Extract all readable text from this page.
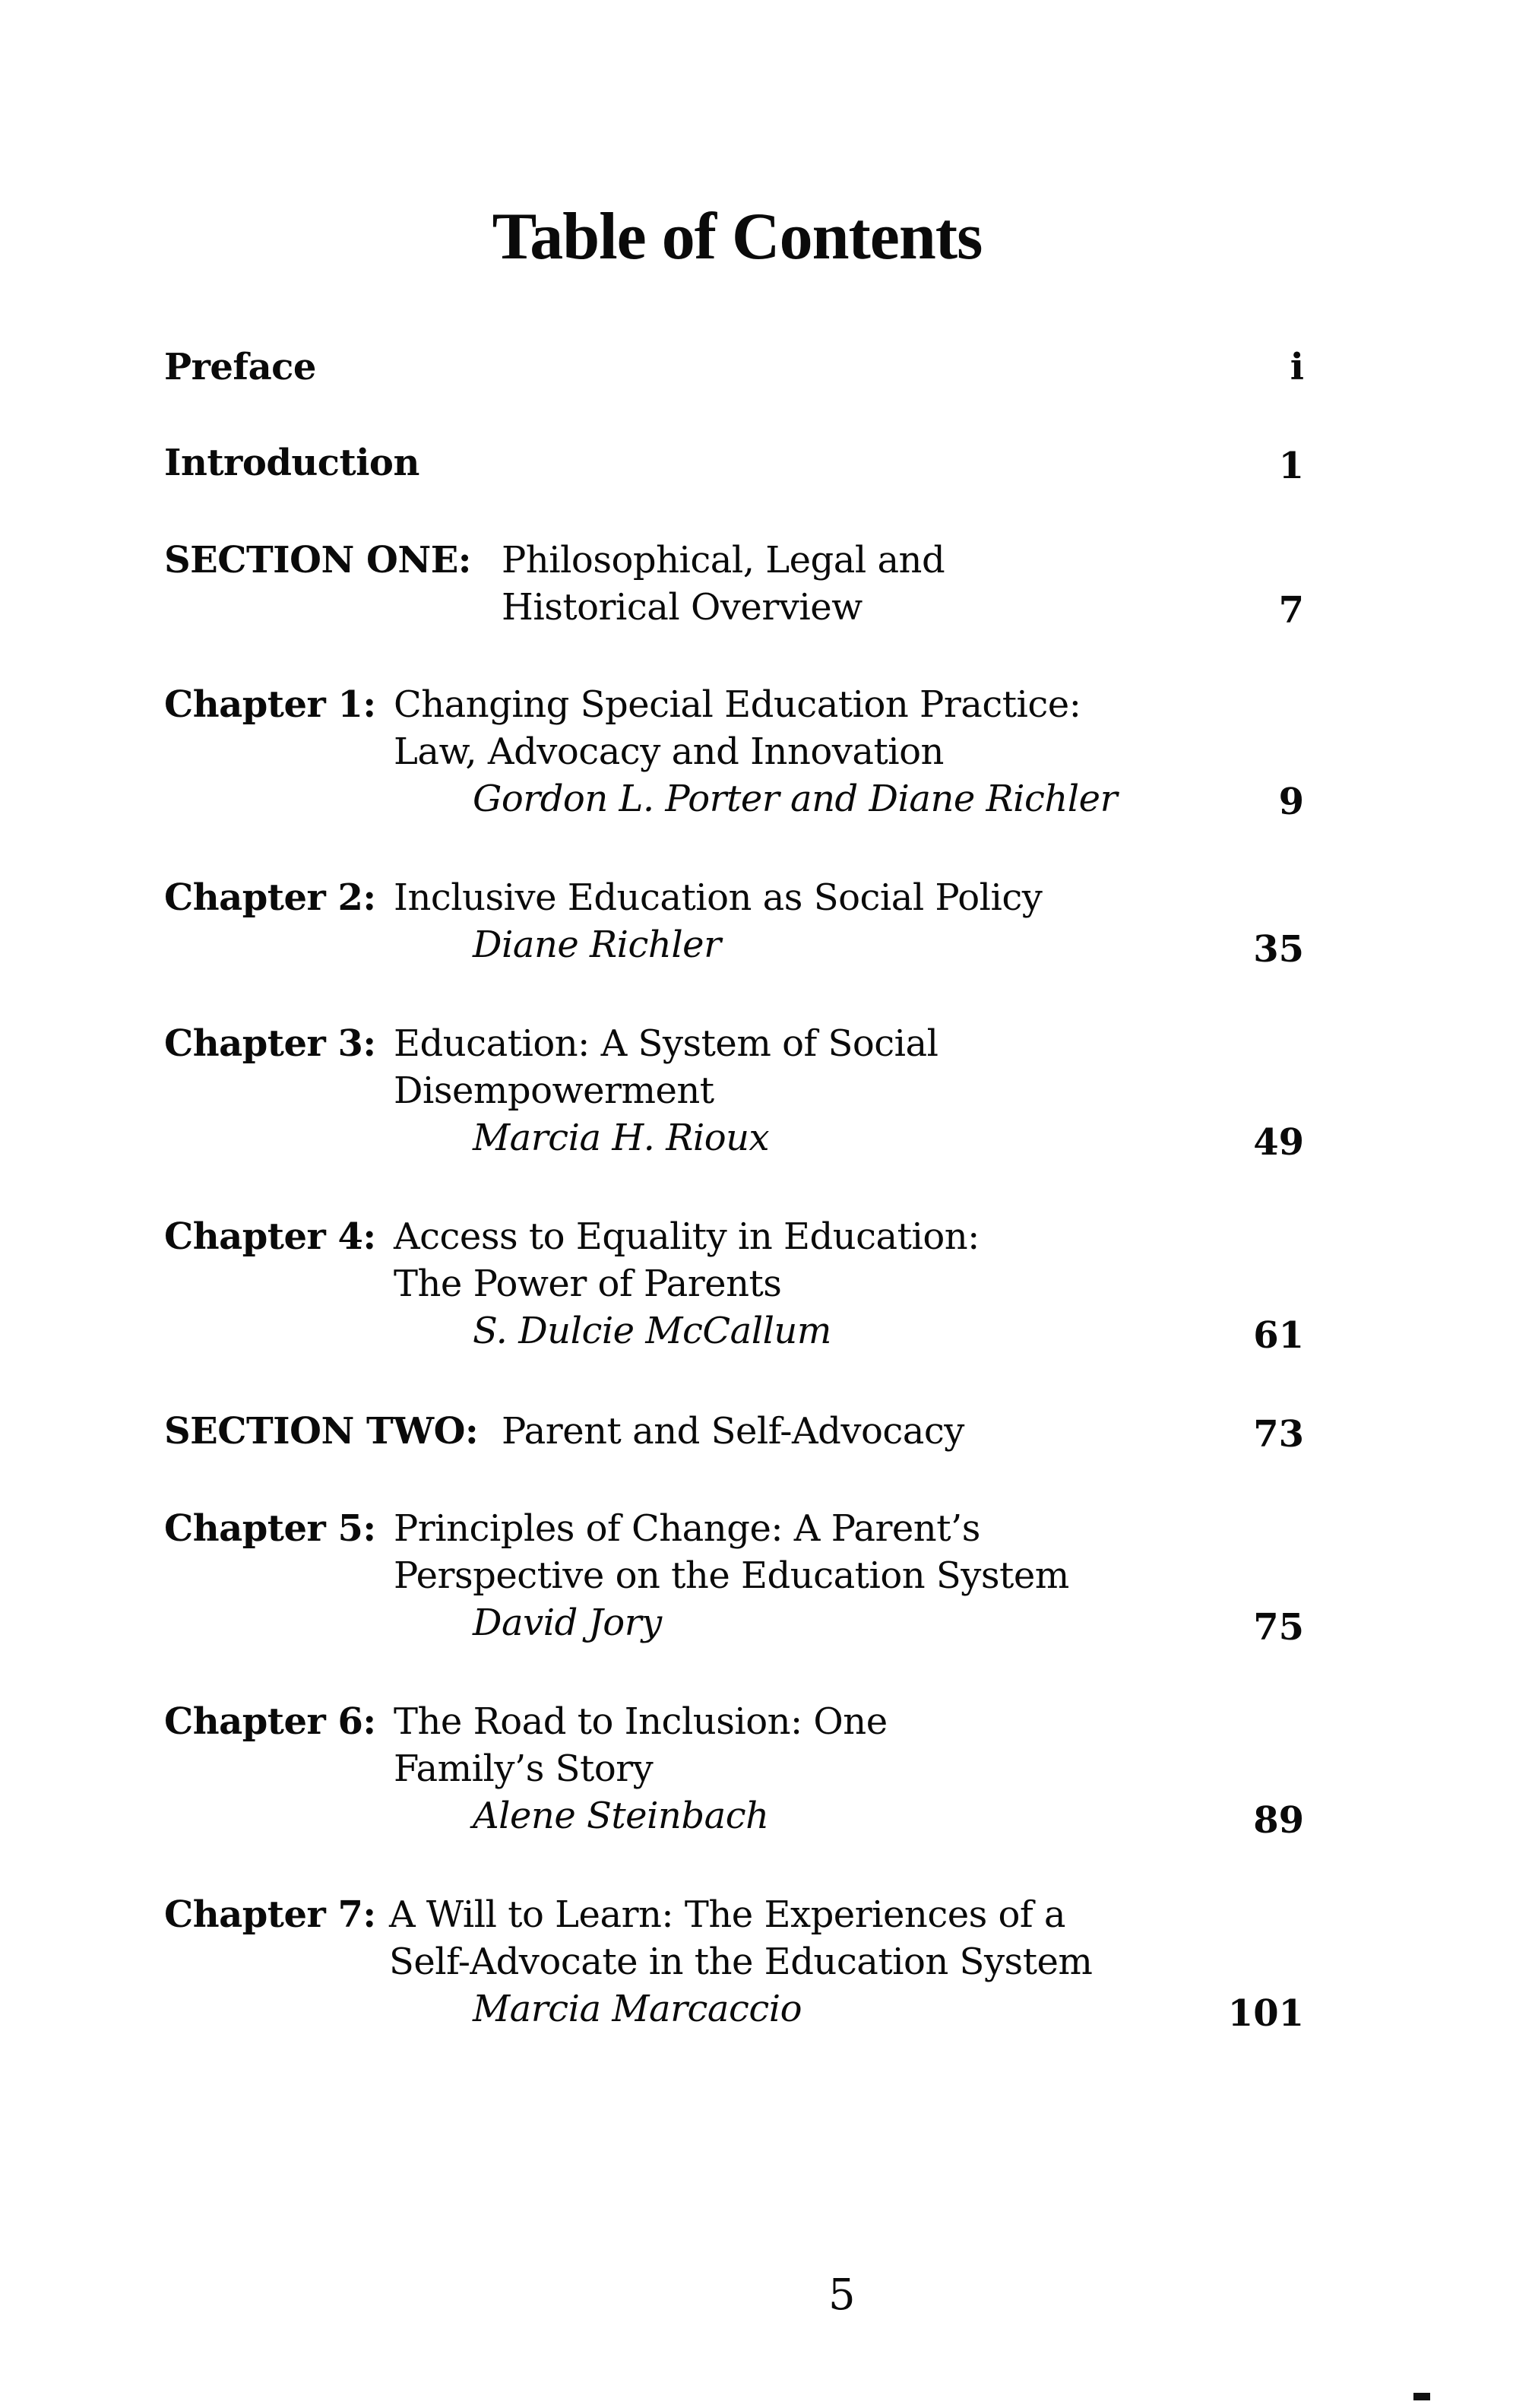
Table of Contents
Preface	i
Introduction	1
SECTION ONE: Philosophical, Legal and
Historical Overview	7
Chapter 1: Changing Special Education Practice:
Law, Advocacy and Innovation
Gordon L. Porter and Diane Richler	9
Chapter 2: Inclusive Education as Social Policy
Diane Richler	35
Chapter 3: Education: A System of Social
Disempowerment
Marcia H. Rioux	49
Chapter 4: Access to Equality in Education:
The Power of Parents
S. Dulcie McCallum	61
SECTION TWO: Parent and Self-Advocacy	73
Chapter 5: Principles of Change: A Parent’s
Perspective on the Education System
David Jory	75
Chapter 6: The Road to Inclusion: One
Family’s Story
Alene Steinbach	89
Chapter 7: A Will to Learn: The Experiences of a
Self-Advocate in the Education System
Marcia Marcaccio	101
5
